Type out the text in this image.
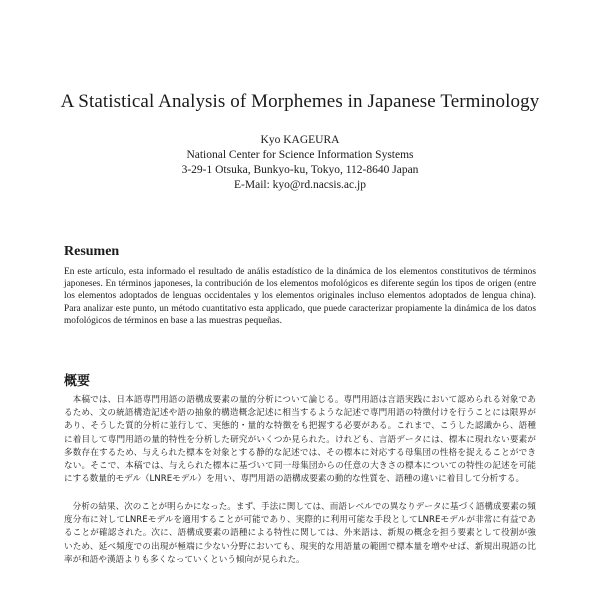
A Statistical Analysis of Morphemes in Japanese Terminology
Kyo KAGEURA
National Center for Science Information Systems
3-29-1 Otsuka, Bunkyo-ku, Tokyo, 112-8640 Japan
E-Mail: kyo@rd.nacsis.ac.jp
Resumen
En este artículo, esta informado el resultado de anális estadístico de la dinámica de los elementos constitutivos de términos japoneses. En términos japoneses, la contribución de los elementos mofológicos es diferente según los tipos de origen (entre los elementos adoptados de lenguas occidentales y los elementos originales incluso elementos adoptados de lengua china). Para analizar este punto, un método cuantitativo esta applicado, que puede caracterizar propiamente la dinámica de los datos mofológicos de términos en base a las muestras pequeñas.
概要

本稿では、日本語専門用語の語構成要素の量的分析について論じる。専門用語は言語実践において認められる対象であるため、文の統語構造記述や語の抽象的構造概念記述に相当するような記述で専門用語の特徴付けを行うことには限界があり、そうした質的分析に並行して、実態的・量的な特徴をも把握する必要がある。これまで、こうした認識から、語種に着目して専門用語の量的特性を分析した研究がいくつか見られた。けれども、言語データには、標本に現れない要素が多数存在するため、与えられた標本を対象とする静的な記述では、その標本に対応する母集団の性格を捉えることができない。そこで、本稿では、与えられた標本に基づいて同一母集団からの任意の大きさの標本についての特性の記述を可能にする数量的モデル（LNREモデル）を用い、専門用語の語構成要素の動的な性質を、語種の違いに着目して分析する。

分析の結果、次のことが明らかになった。まず、手法に関しては、而語レベルでの異なりデータに基づく語構成要素の頻度分布に対してLNREモデルを適用することが可能であり、実際的に利用可能な手段としてLNREモデルが非常に有益であることが確認された。次に、語構成要素の語種による特性に関しては、外来語は、新規の概念を担う要素として役割が強いため、延べ頻度での出現が極端に少ない分野においても、現実的な用語量の範囲で標本量を増やせば、新規出現語の比率が和語や漢語よりも多くなっていくという傾向が見られた。
